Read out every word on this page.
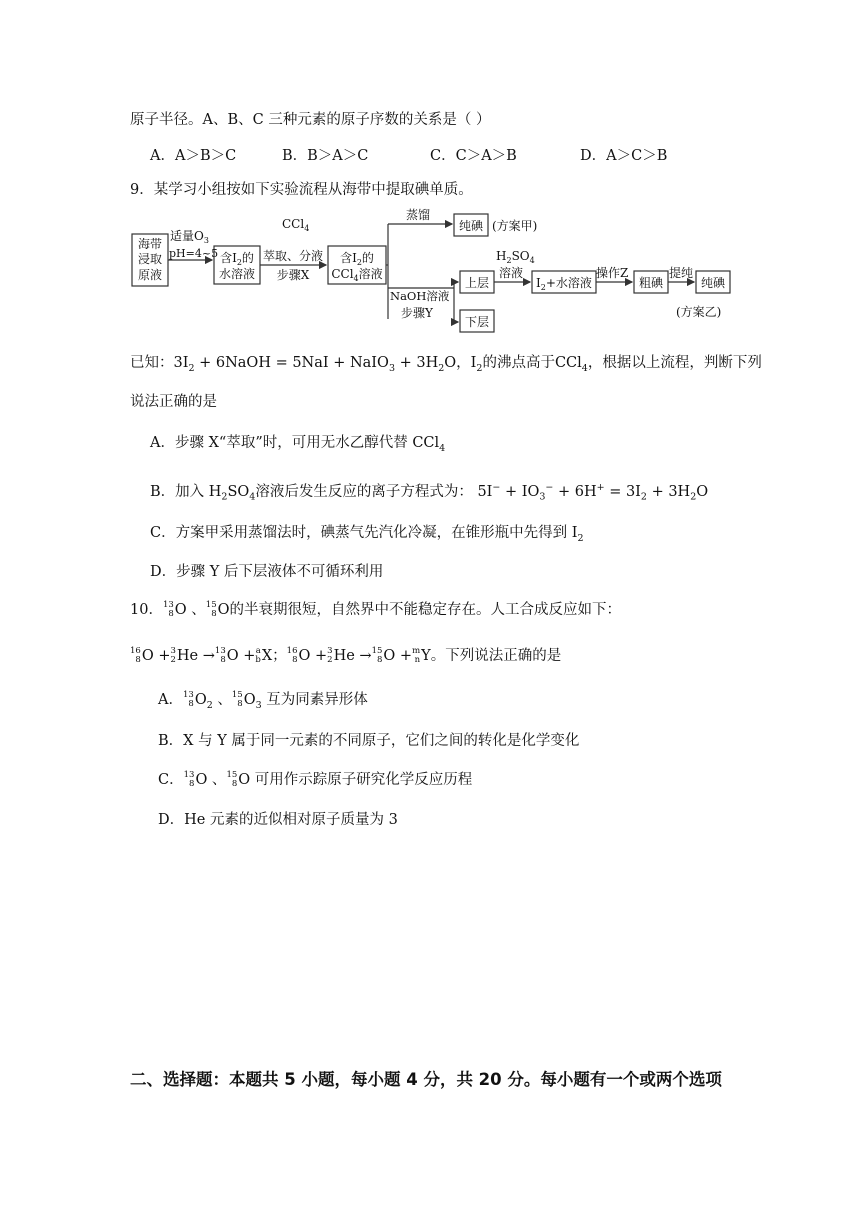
原子半径。A、B、C 三种元素的原子序数的关系是（ ）
A．A＞B＞C	B．B＞A＞C	C．C＞A＞B	D．A＞C＞B
9．某学习小组按如下实验流程从海带中提取碘单质。
海带
浸取
原液
适量$O_3$
pH=4~5 含$I_2$的
水溶液
CCl$_4$
萃取、分液
步骤X
含$I_2$的
CCl$_4$溶液
蒸馏
纯碘 (方案甲)
NaOH溶液
步骤Y
上层
下层
$H_2SO_4$
溶液
$I_2+$水溶液
操作Z
粗碘
提纯
纯碘
(方案乙)
已知：$3I_2$ + 6NaOH = 5NaI + NaIO$_3$ + $3H_2O$，$I_2$的沸点高于CCl$_4$，根据以上流程，判断下列
说法正确的是
A．步骤 X“萃取”时，可用无水乙醇代替 CCl$_4$
B．加入 $H_2SO_4$溶液后发生反应的离子方程式为： $5I^- + IO_3^- + 6H^+ = 3I_2 + 3H_2O$
C．方案甲采用蒸馏法时，碘蒸气先汽化冷凝，在锥形瓶中先得到 $I_2$
D．步骤 Y 后下层液体不可循环利用
10． 13
8 O 、 15
8 O的半衰期很短，自然界中不能稳定存在。人工合成反应如下：
16
8 O + 3
2 He → 13
8 O + a
b X； 16
8 O + 3
2 He → 15
8 O + m
n Y。下列说法正确的是
A． 13
8 $O_2$ 、 15
8 $O_3$ 互为同素异形体
B．X 与 Y 属于同一元素的不同原子，它们之间的转化是化学变化
C． 13
8 O 、 15
8 O 可用作示踪原子研究化学反应历程
D．He 元素的近似相对原子质量为 3
二、选择题：本题共 5 小题，每小题 4 分，共 20 分。每小题有一个或两个选项
